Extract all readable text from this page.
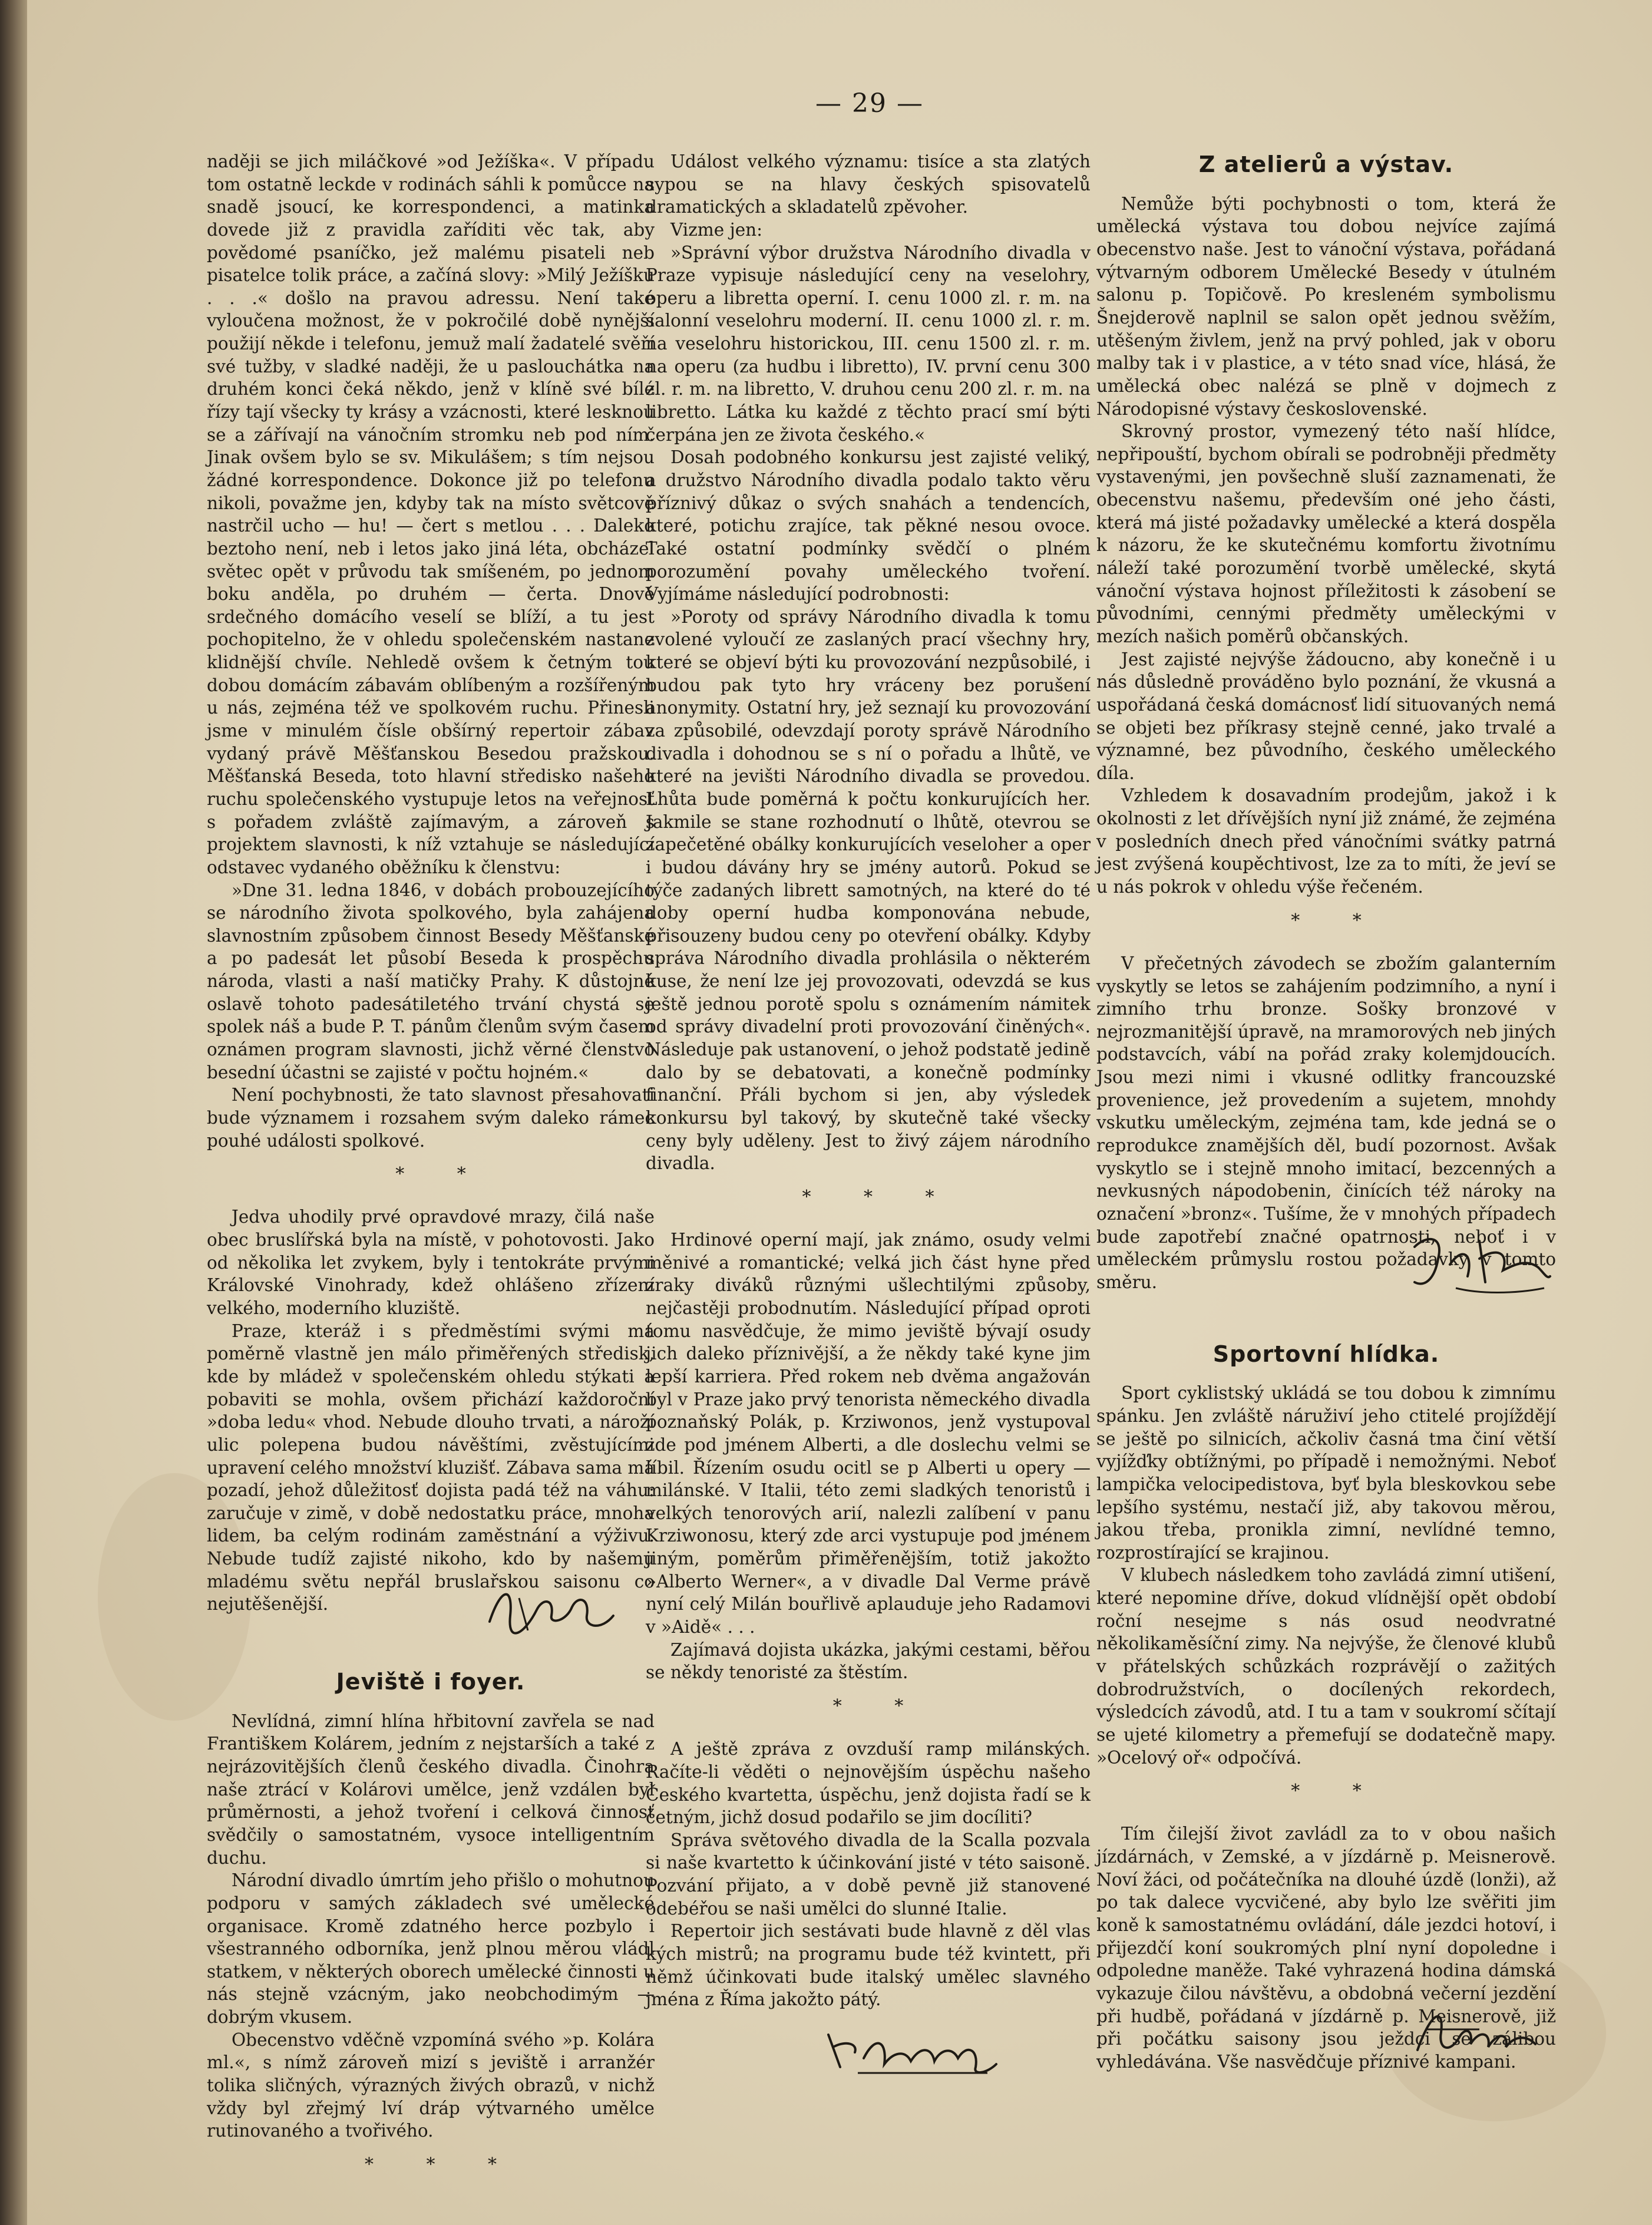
— 29 —

naději se jich miláčkové »od Ježíška«. V případu tom ostatně leckde v rodinách sáhli k pomůcce na snadě jsoucí, ke korrespondenci, a matinka dovede již z pravidla zaříditi věc tak, aby povědomé psaníčko, jež malému pisateli neb pisatelce tolik práce, a začíná slovy: »Milý Ježíšku . . .« došlo na pravou adressu. Není také vyloučena možnost, že v pokročilé době nynější použijí někde i telefonu, jemuž malí žadatelé svěří své tužby, v sladké naději, že u paslouchátka na druhém konci čeká někdo, jenž v klíně své bílé řízy tají všecky ty krásy a vzácnosti, které lesknou se a zářívají na vánočním stromku neb pod ním. Jinak ovšem bylo se sv. Mikulášem; s tím nejsou žádné korrespondence. Dokonce již po telefonu nikoli, považme jen, kdyby tak na místo světcově nastrčil ucho — hu! — čert s metlou . . . Daleko beztoho není, neb i letos jako jiná léta, obcházel světec opět v průvodu tak smíšeném, po jednom boku anděla, po druhém — čerta. Dnové srdečného domácího veselí se blíží, a tu jest pochopitelno, že v ohledu společenském nastane klidnější chvíle. Nehledě ovšem k četným tou dobou domácím zábavám oblíbeným a rozšířeným u nás, zejména též ve spolkovém ruchu. Přinesli jsme v minulém čísle obšírný repertoir zábav vydaný právě Měšťanskou Besedou pražskou. Měšťanská Beseda, toto hlavní středisko našeho ruchu společenského vystupuje letos na veřejnosť s pořadem zvláště zajímavým, a zároveň s projektem slavnosti, k níž vztahuje se následující odstavec vydaného oběžníku k členstvu:

»Dne 31. ledna 1846, v dobách probouzejícího se národního života spolkového, byla zahájena slavnostním způsobem činnost Besedy Měšťanské a po padesát let působí Beseda k prospěchu národa, vlasti a naší matičky Prahy. K důstojné oslavě tohoto padesátiletého trvání chystá se spolek náš a bude P. T. pánům členům svým časem oznámen program slavnosti, jichž věrné členstvo besední účastni se zajisté v počtu hojném.«

Není pochybnosti, že tato slavnost přesahovati bude významem i rozsahem svým daleko rámec pouhé události spolkové.

* *

Jedva uhodily prvé opravdové mrazy, čilá naše obec bruslířská byla na místě, v pohotovosti. Jako od několika let zvykem, byly i tentokráte prvými Královské Vinohrady, kdež ohlášeno zřízení velkého, moderního kluziště.

Praze, kteráž i s předměstími svými má poměrně vlastně jen málo přiměřených středisk, kde by mládež v společenském ohledu stýkati a pobaviti se mohla, ovšem přichází každoroční »doba ledu« vhod. Nebude dlouho trvati, a nároží ulic polepena budou návěštími, zvěstujícími upravení celého množství kluzišť. Zábava sama má pozadí, jehož důležitosť dojista padá též na váhu: zaručuje v zimě, v době nedostatku práce, mnoha lidem, ba celým rodinám zaměstnání a výživu. Nebude tudíž zajisté nikoho, kdo by našemu mladému světu nepřál bruslařskou saisonu co nejutěšenější.

Jeviště i foyer.

Nevlídná, zimní hlína hřbitovní zavřela se nad Františkem Kolárem, jedním z nejstarších a také z nejrázovitějších členů českého divadla. Činohra naše ztrácí v Kolárovi umělce, jenž vzdálen byl průměrnosti, a jehož tvoření i celková činnosť svědčily o samostatném, vysoce intelligentním duchu.

Národní divadlo úmrtím jeho přišlo o mohutnou podporu v samých základech své umělecké organisace. Kromě zdatného herce pozbylo i všestranného odborníka, jenž plnou měrou vládl statkem, v některých oborech umělecké činnosti u nás stejně vzácným, jako neobchodimým — dobrým vkusem.

Obecenstvo vděčně vzpomíná svého »p. Kolára ml.«, s nímž zároveň mizí s jeviště i arranžér tolika sličných, výrazných živých obrazů, v nichž vždy byl zřejmý lví dráp výtvarného umělce rutinovaného a tvořivého.

* * *

Událost velkého významu: tisíce a sta zlatých sypou se na hlavy českých spisovatelů dramatických a skladatelů zpěvoher.

Vizme jen:

»Správní výbor družstva Národního divadla v Praze vypisuje následující ceny na veselohry, operu a libretta operní. I. cenu 1000 zl. r. m. na salonní veselohru moderní. II. cenu 1000 zl. r. m. na veselohru historickou, III. cenu 1500 zl. r. m. na operu (za hudbu i libretto), IV. první cenu 300 zl. r. m. na libretto, V. druhou cenu 200 zl. r. m. na libretto. Látka ku každé z těchto prací smí býti čerpána jen ze života českého.«

Dosah podobného konkursu jest zajisté veliký, a družstvo Národního divadla podalo takto věru příznivý důkaz o svých snahách a tendencích, které, potichu zrajíce, tak pěkné nesou ovoce. Také ostatní podmínky svědčí o plném porozumění povahy uměleckého tvoření. Vyjímáme následující podrobnosti:

»Poroty od správy Národního divadla k tomu zvolené vyloučí ze zaslaných prací všechny hry, které se objeví býti ku provozování nezpůsobilé, i budou pak tyto hry vráceny bez porušení anonymity. Ostatní hry, jež seznají ku provozování za způsobilé, odevzdají poroty správě Národního divadla i dohodnou se s ní o pořadu a lhůtě, ve které na jevišti Národního divadla se provedou. Lhůta bude poměrná k počtu konkurujících her. Jakmile se stane rozhodnutí o lhůtě, otevrou se zapečetěné obálky konkurujících veseloher a oper i budou dávány hry se jmény autorů. Pokud se týče zadaných librett samotných, na které do té doby operní hudba komponována nebude, přisouzeny budou ceny po otevření obálky. Kdyby správa Národního divadla prohlásila o některém kuse, že není lze jej provozovati, odevzdá se kus ještě jednou porotě spolu s oznámením námitek od správy divadelní proti provozování činěných«. Následuje pak ustanovení, o jehož podstatě jedině dalo by se debatovati, a konečně podmínky finanční. Přáli bychom si jen, aby výsledek konkursu byl takový, by skutečně také všecky ceny byly uděleny. Jest to živý zájem národního divadla.

* * *

Hrdinové operní mají, jak známo, osudy velmi měnivé a romantické; velká jich část hyne před zraky diváků různými ušlechtilými způsoby, nejčastěji probodnutím. Následující případ oproti tomu nasvědčuje, že mimo jeviště bývají osudy jich daleko příznivější, a že někdy také kyne jim lepší karriera. Před rokem neb dvěma angažován byl v Praze jako prvý tenorista německého divadla poznaňský Polák, p. Krziwonos, jenž vystupoval zde pod jménem Alberti, a dle doslechu velmi se líbil. Řízením osudu ocitl se p Alberti u opery — milánské. V Italii, této zemi sladkých tenoristů i velkých tenorových arií, nalezli zalíbení v panu Krziwonosu, který zde arci vystupuje pod jménem jiným, poměrům přiměřenějším, totiž jakožto »Alberto Werner«, a v divadle Dal Verme právě nyní celý Milán bouřlivě aplauduje jeho Radamovi v »Aidě« . . .

Zajímavá dojista ukázka, jakými cestami, běřou se někdy tenoristé za štěstím.

* *

A ještě zpráva z ovzduší ramp milánských. Račíte-li věděti o nejnovějším úspěchu našeho Českého kvartetta, úspěchu, jenž dojista řadí se k četným, jichž dosud podařilo se jim docíliti?

Správa světového divadla de la Scalla pozvala si naše kvartetto k účinkování jisté v této saisoně. Pozvání přijato, a v době pevně již stanovené odebéřou se naši umělci do slunné Italie.

Repertoir jich sestávati bude hlavně z děl vlas kých mistrů; na programu bude též kvintett, při němž účinkovati bude italský umělec slavného jména z Říma jakožto pátý.

Z atelierů a výstav.

Nemůže býti pochybnosti o tom, která že umělecká výstava tou dobou nejvíce zajímá obecenstvo naše. Jest to vánoční výstava, pořádaná výtvarným odborem Umělecké Besedy v útulném salonu p. Topičově. Po kresleném symbolismu Šnejderově naplnil se salon opět jednou svěžím, utěšeným živlem, jenž na prvý pohled, jak v oboru malby tak i v plastice, a v této snad více, hlásá, že umělecká obec nalézá se plně v dojmech z Národopisné výstavy československé.

Skrovný prostor, vymezený této naší hlídce, nepřipouští, bychom obírali se podrobněji předměty vystavenými, jen povšechně sluší zaznamenati, že obecenstvu našemu, především oné jeho části, která má jisté požadavky umělecké a která dospěla k názoru, že ke skutečnému komfortu životnímu náleží také porozumění tvorbě umělecké, skytá vánoční výstava hojnost příležitosti k zásobení se původními, cennými předměty uměleckými v mezích našich poměrů občanských.

Jest zajisté nejvýše žádoucno, aby konečně i u nás důsledně prováděno bylo poznání, že vkusná a uspořádaná česká domácnosť lidí situovaných nemá se objeti bez příkrasy stejně cenné, jako trvalé a významné, bez původního, českého uměleckého díla.

Vzhledem k dosavadním prodejům, jakož i k okolnosti z let dřívějších nyní již známé, že zejména v posledních dnech před vánočními svátky patrná jest zvýšená koupěchtivost, lze za to míti, že jeví se u nás pokrok v ohledu výše řečeném.

* *

V přečetných závodech se zbožím galanterním vyskytly se letos se zahájením podzimního, a nyní i zimního trhu bronze. Sošky bronzové v nejrozmanitější úpravě, na mramorových neb jiných podstavcích, vábí na pořád zraky kolemjdoucích. Jsou mezi nimi i vkusné odlitky francouzské provenience, jež provedením a sujetem, mnohdy vskutku uměleckým, zejména tam, kde jedná se o reprodukce znamějších děl, budí pozornost. Avšak vyskytlo se i stejně mnoho imitací, bezcenných a nevkusných nápodobenin, činících též nároky na označení »bronz«. Tušíme, že v mnohých případech bude zapotřebí značné opatrnosti, neboť i v uměleckém průmyslu rostou požadavky v tomto směru.

Sportovní hlídka.

Sport cyklistský ukládá se tou dobou k zimnímu spánku. Jen zvláště náruživí jeho ctitelé projíždějí se ještě po silnicích, ačkoliv časná tma činí větší vyjížďky obtížnými, po případě i nemožnými. Neboť lampička velocipedistova, byť byla bleskovkou sebe lepšího systému, nestačí již, aby takovou měrou, jakou třeba, pronikla zimní, nevlídné temno, rozprostírající se krajinou.

V klubech následkem toho zavládá zimní utišení, které nepomine dříve, dokud vlídnější opět období roční nesejme s nás osud neodvratné několikaměsíční zimy. Na nejvýše, že členové klubů v přátelských schůzkách rozprávějí o zažitých dobrodružstvích, o docílených rekordech, výsledcích závodů, atd. I tu a tam v soukromí sčítají se ujeté kilometry a přemefují se dodatečně mapy. »Ocelový oř« odpočívá.

* *

Tím čilejší život zavládl za to v obou našich jízdárnách, v Zemské, a v jízdárně p. Meisnerově. Noví žáci, od počátečníka na dlouhé úzdě (lonži), až po tak dalece vycvičené, aby bylo lze svěřiti jim koně k samostatnému ovládání, dále jezdci hotoví, i přijezdčí koní soukromých plní nyní dopoledne i odpoledne maněže. Také vyhrazená hodina dámská vykazuje čilou návštěvu, a obdobná večerní jezdění při hudbě, pořádaná v jízdárně p. Meisnerově, již při počátku saisony jsou ježdci se zálibou vyhledávána. Vše nasvědčuje příznivé kampani.
